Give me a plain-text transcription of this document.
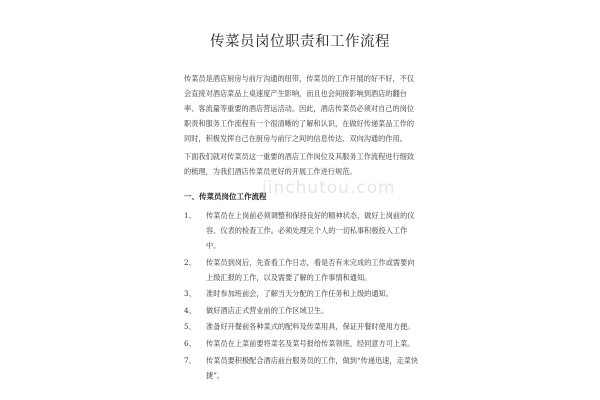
传菜员岗位职责和工作流程
传菜员是酒店厨房与前厅沟通的纽带，传菜员的工作开展的好不好，不仅会直接对酒店菜品上桌速度产生影响，而且也会间接影响到酒店的翻台率、客流量等重要的酒店营运活动。因此，酒店传菜员必须对自己的岗位职责和服务工作流程有一个很清晰的了解和认识，在做好传递菜品工作的同时，积极发挥自己在厨房与前厅之间的信息传达、双向沟通的作用。
下面我们就对传菜员这一重要的酒店工作岗位及其服务工作流程进行细致的梳理，为我们酒店传菜员更好的开展工作进行规范。
一、传菜员岗位工作流程
1、 传菜员在上岗前必须调整和保持良好的精神状态，做好上岗前的仪容、仪表的检查工作。必须处理完个人的一切私事积极投入工作中。
2、 传菜员到岗后，先查看工作日志，看是否有未完成的工作或需要向上级汇报的工作，以及需要了解的工作事情和通知。
3、 准时参加班前会，了解当天分配的工作任务和上级的通知。
4、 做好酒店正式营业前的工作区域卫生。
5、 准备好开餐前各种菜式的配料及传菜用具，保证开餐时使用方便。
6、 传菜员在上菜前要将菜名及菜号报给传菜领班，经同意方可上菜。
7、 传菜员要积极配合酒店前台服务员的工作，做到“传递迅速，走菜快捷”。
jinchutou.com
